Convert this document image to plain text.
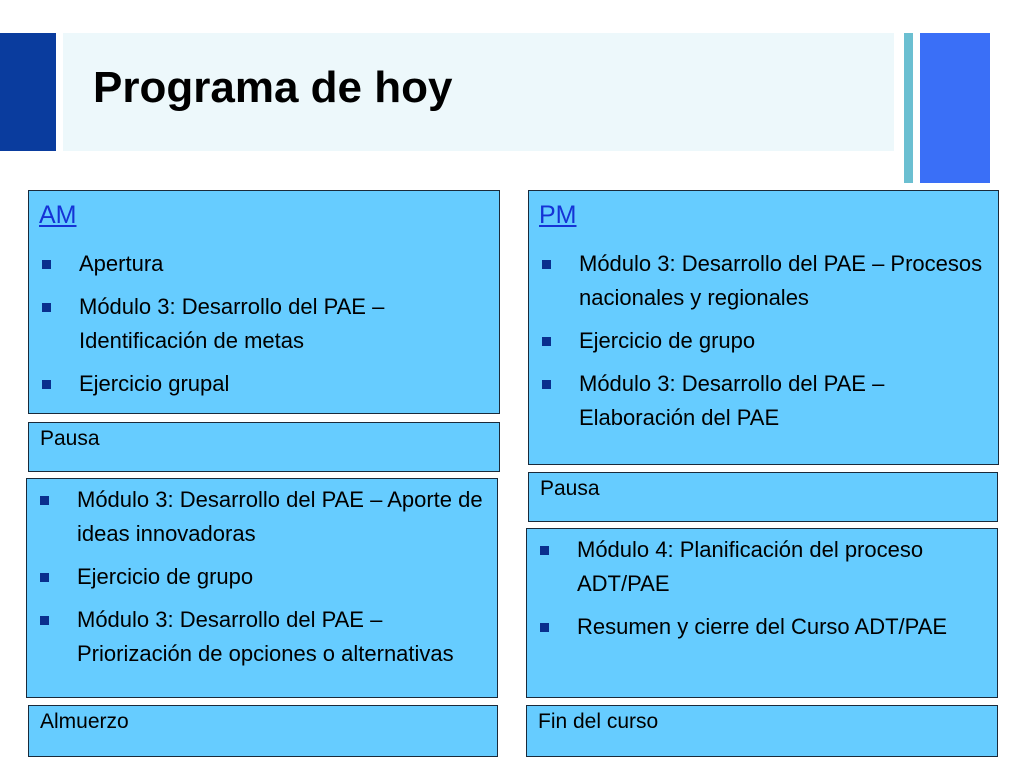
Programa de hoy
AM
Apertura
Módulo 3: Desarrollo del PAE – Identificación de metas
Ejercicio grupal
Pausa
Módulo 3: Desarrollo del PAE – Aporte de ideas innovadoras
Ejercicio de grupo
Módulo 3: Desarrollo del PAE – Priorización de opciones o alternativas
Almuerzo
PM
Módulo 3: Desarrollo del PAE – Procesos nacionales y regionales
Ejercicio de grupo
Módulo 3: Desarrollo del PAE – Elaboración del PAE
Pausa
Módulo 4: Planificación del proceso ADT/PAE
Resumen y cierre del Curso ADT/PAE
Fin del curso
